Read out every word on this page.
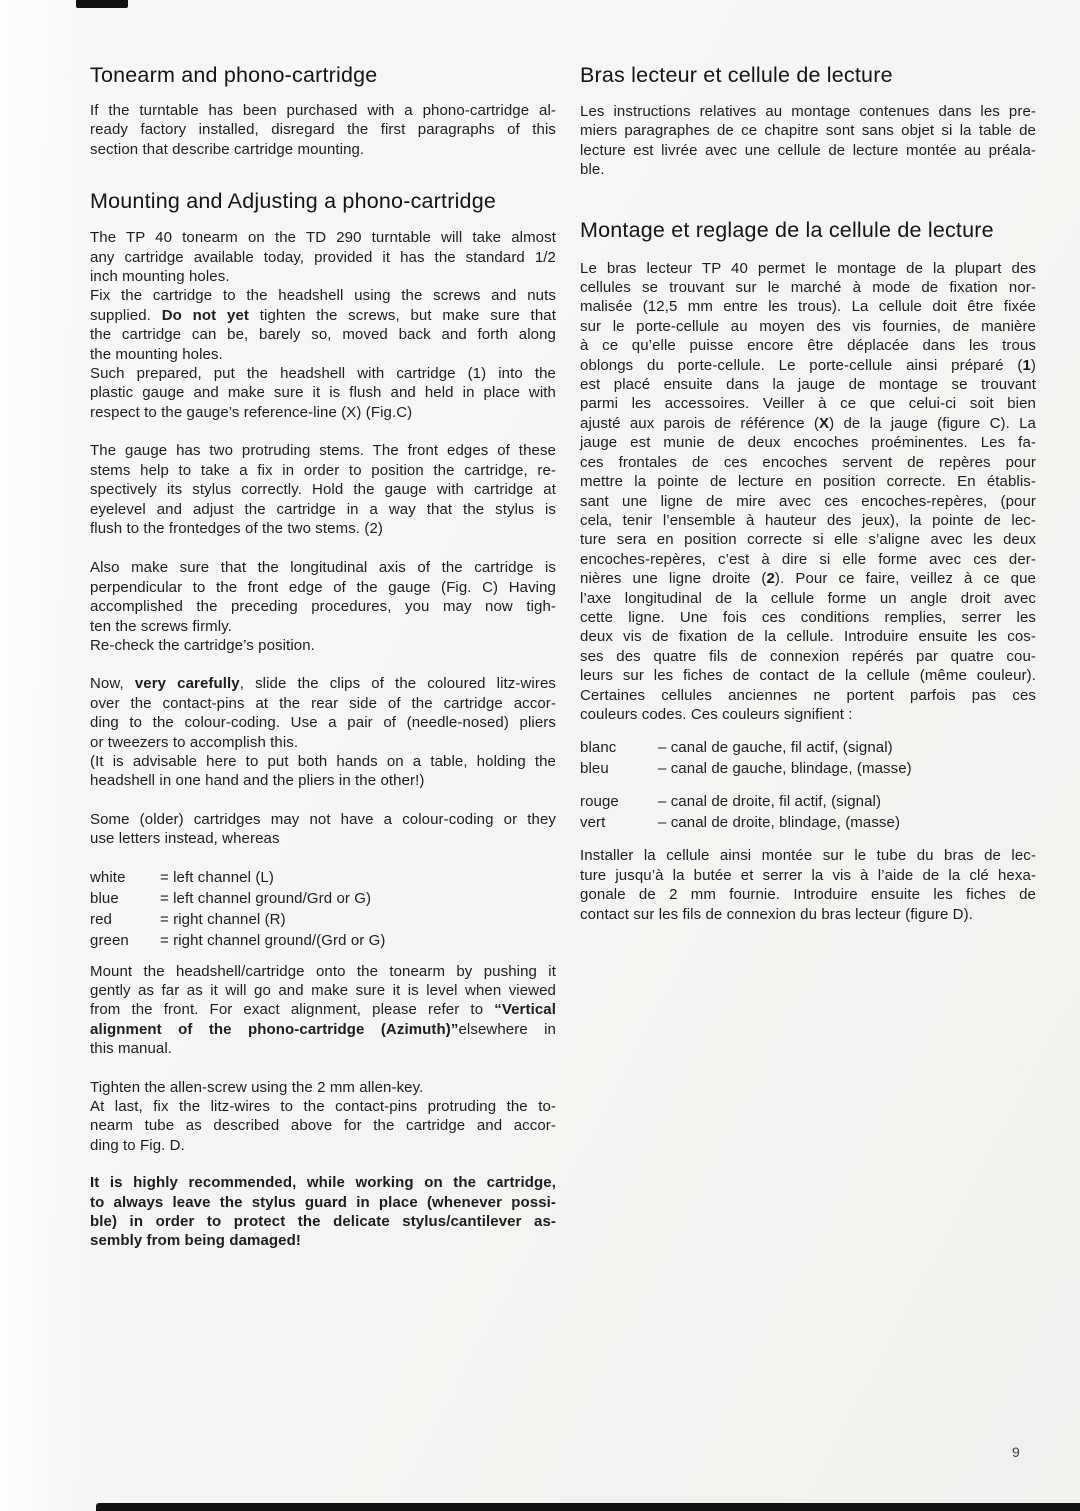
Tonearm and phono-cartridge
If the turntable has been purchased with a phono-cartridge al-
ready factory installed, disregard the first paragraphs of this
section that describe cartridge mounting.
Mounting and Adjusting a phono-cartridge
The TP 40 tonearm on the TD 290 turntable will take almost
any cartridge available today, provided it has the standard 1/2
inch mounting holes.
Fix the cartridge to the headshell using the screws and nuts
supplied. Do not yet tighten the screws, but make sure that
the cartridge can be, barely so, moved back and forth along
the mounting holes.
Such prepared, put the headshell with cartridge (1) into the
plastic gauge and make sure it is flush and held in place with
respect to the gauge’s reference-line (X) (Fig.C)
The gauge has two protruding stems. The front edges of these
stems help to take a fix in order to position the cartridge, re-
spectively its stylus correctly. Hold the gauge with cartridge at
eyelevel and adjust the cartridge in a way that the stylus is
flush to the frontedges of the two stems. (2)
Also make sure that the longitudinal axis of the cartridge is
perpendicular to the front edge of the gauge (Fig. C) Having
accomplished the preceding procedures, you may now tigh-
ten the screws firmly.
Re-check the cartridge’s position.
Now, very carefully, slide the clips of the coloured litz-wires
over the contact-pins at the rear side of the cartridge accor-
ding to the colour-coding. Use a pair of (needle-nosed) pliers
or tweezers to accomplish this.
(It is advisable here to put both hands on a table, holding the
headshell in one hand and the pliers in the other!)
Some (older) cartridges may not have a colour-coding or they
use letters instead, whereas
white	= left channel (L)
blue	= left channel ground/Grd or G)
red	= right channel (R)
green	= right channel ground/(Grd or G)
Mount the headshell/cartridge onto the tonearm by pushing it
gently as far as it will go and make sure it is level when viewed
from the front. For exact alignment, please refer to “Vertical
alignment of the phono-cartridge (Azimuth)”elsewhere in
this manual.
Tighten the allen-screw using the 2 mm allen-key.
At last, fix the litz-wires to the contact-pins protruding the to-
nearm tube as described above for the cartridge and accor-
ding to Fig. D.
It is highly recommended, while working on the cartridge,
to always leave the stylus guard in place (whenever possi-
ble) in order to protect the delicate stylus/cantilever as-
sembly from being damaged!
Bras lecteur et cellule de lecture
Les instructions relatives au montage contenues dans les pre-
miers paragraphes de ce chapitre sont sans objet si la table de
lecture est livrée avec une cellule de lecture montée au préala-
ble.
Montage et reglage de la cellule de lecture
Le bras lecteur TP 40 permet le montage de la plupart des
cellules se trouvant sur le marché à mode de fixation nor-
malisée (12,5 mm entre les trous). La cellule doit être fixée
sur le porte-cellule au moyen des vis fournies, de manière
à ce qu’elle puisse encore être déplacée dans les trous
oblongs du porte-cellule. Le porte-cellule ainsi préparé (1)
est placé ensuite dans la jauge de montage se trouvant
parmi les accessoires. Veiller à ce que celui-ci soit bien
ajusté aux parois de référence (X) de la jauge (figure C). La
jauge est munie de deux encoches proéminentes. Les fa-
ces frontales de ces encoches servent de repères pour
mettre la pointe de lecture en position correcte. En établis-
sant une ligne de mire avec ces encoches-repères, (pour
cela, tenir l’ensemble à hauteur des jeux), la pointe de lec-
ture sera en position correcte si elle s’aligne avec les deux
encoches-repères, c’est à dire si elle forme avec ces der-
nières une ligne droite (2). Pour ce faire, veillez à ce que
l’axe longitudinal de la cellule forme un angle droit avec
cette ligne. Une fois ces conditions remplies, serrer les
deux vis de fixation de la cellule. Introduire ensuite les cos-
ses des quatre fils de connexion repérés par quatre cou-
leurs sur les fiches de contact de la cellule (même couleur).
Certaines cellules anciennes ne portent parfois pas ces
couleurs codes. Ces couleurs signifient :
blanc	– canal de gauche, fil actif, (signal)
bleu	– canal de gauche, blindage, (masse)
rouge	– canal de droite, fil actif, (signal)
vert	– canal de droite, blindage, (masse)
Installer la cellule ainsi montée sur le tube du bras de lec-
ture jusqu’à la butée et serrer la vis à l’aide de la clé hexa-
gonale de 2 mm fournie. Introduire ensuite les fiches de
contact sur les fils de connexion du bras lecteur (figure D).
9
